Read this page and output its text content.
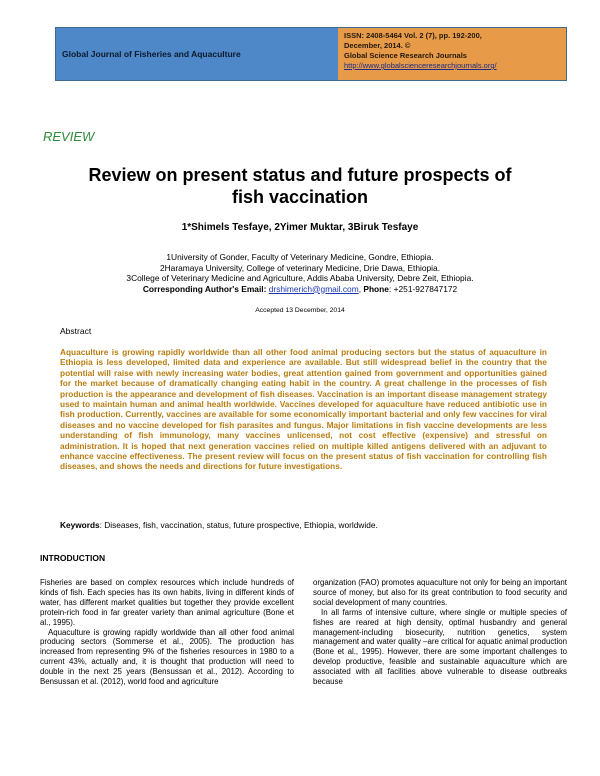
Global Journal of Fisheries and Aquaculture
ISSN: 2408-5464 Vol. 2 (7), pp. 192-200,
December, 2014. ©
Global Science Research Journals
http://www.globalscienceresearchjournals.org/
REVIEW
Review on present status and future prospects of fish vaccination
1*Shimels Tesfaye, 2Yimer Muktar, 3Biruk Tesfaye
1University of Gonder, Faculty of Veterinary Medicine, Gondre, Ethiopia.
2Haramaya University, College of veterinary Medicine, Drie Dawa, Ethiopia.
3College of Veterinary Medicine and Agriculture, Addis Ababa University, Debre Zeit, Ethiopia.
Corresponding Author's Email: drshimerich@gmail.com, Phone: +251-927847172
Accepted 13 December, 2014
Abstract
Aquaculture is growing rapidly worldwide than all other food animal producing sectors but the status of aquaculture in Ethiopia is less developed, limited data and experience are available. But still widespread belief in the country that the potential will raise with newly increasing water bodies, great attention gained from government and opportunities gained for the market because of dramatically changing eating habit in the country. A great challenge in the processes of fish production is the appearance and development of fish diseases. Vaccination is an important disease management strategy used to maintain human and animal health worldwide. Vaccines developed for aquaculture have reduced antibiotic use in fish production. Currently, vaccines are available for some economically important bacterial and only few vaccines for viral diseases and no vaccine developed for fish parasites and fungus. Major limitations in fish vaccine developments are less understanding of fish immunology, many vaccines unlicensed, not cost effective (expensive) and stressful on administration. It is hoped that next generation vaccines relied on multiple killed antigens delivered with an adjuvant to enhance vaccine effectiveness. The present review will focus on the present status of fish vaccination for controlling fish diseases, and shows the needs and directions for future investigations.
Keywords: Diseases, fish, vaccination, status, future prospective, Ethiopia, worldwide.
INTRODUCTION

Fisheries are based on complex resources which include hundreds of kinds of fish. Each species has its own habits, living in different kinds of water, has different market qualities but together they provide excellent protein-rich food in far greater variety than animal agriculture (Bone et al., 1995).

Aquaculture is growing rapidly worldwide than all other food animal producing sectors (Sommerse et al., 2005). The production has increased from representing 9% of the fisheries resources in 1980 to a current 43%, actually and, it is thought that production will need to double in the next 25 years (Bensussan et al., 2012). According to Bensussan et al. (2012), world food and agriculture

organization (FAO) promotes aquaculture not only for being an important source of money, but also for its great contribution to food security and social development of many countries.

In all farms of intensive culture, where single or multiple species of fishes are reared at high density, optimal husbandry and general management-including biosecurity, nutrition genetics, system management and water quality –are critical for aquatic animal production (Bone et al., 1995). However, there are some important challenges to develop productive, feasible and sustainable aquaculture which are associated with all facilities above vulnerable to disease outbreaks because
